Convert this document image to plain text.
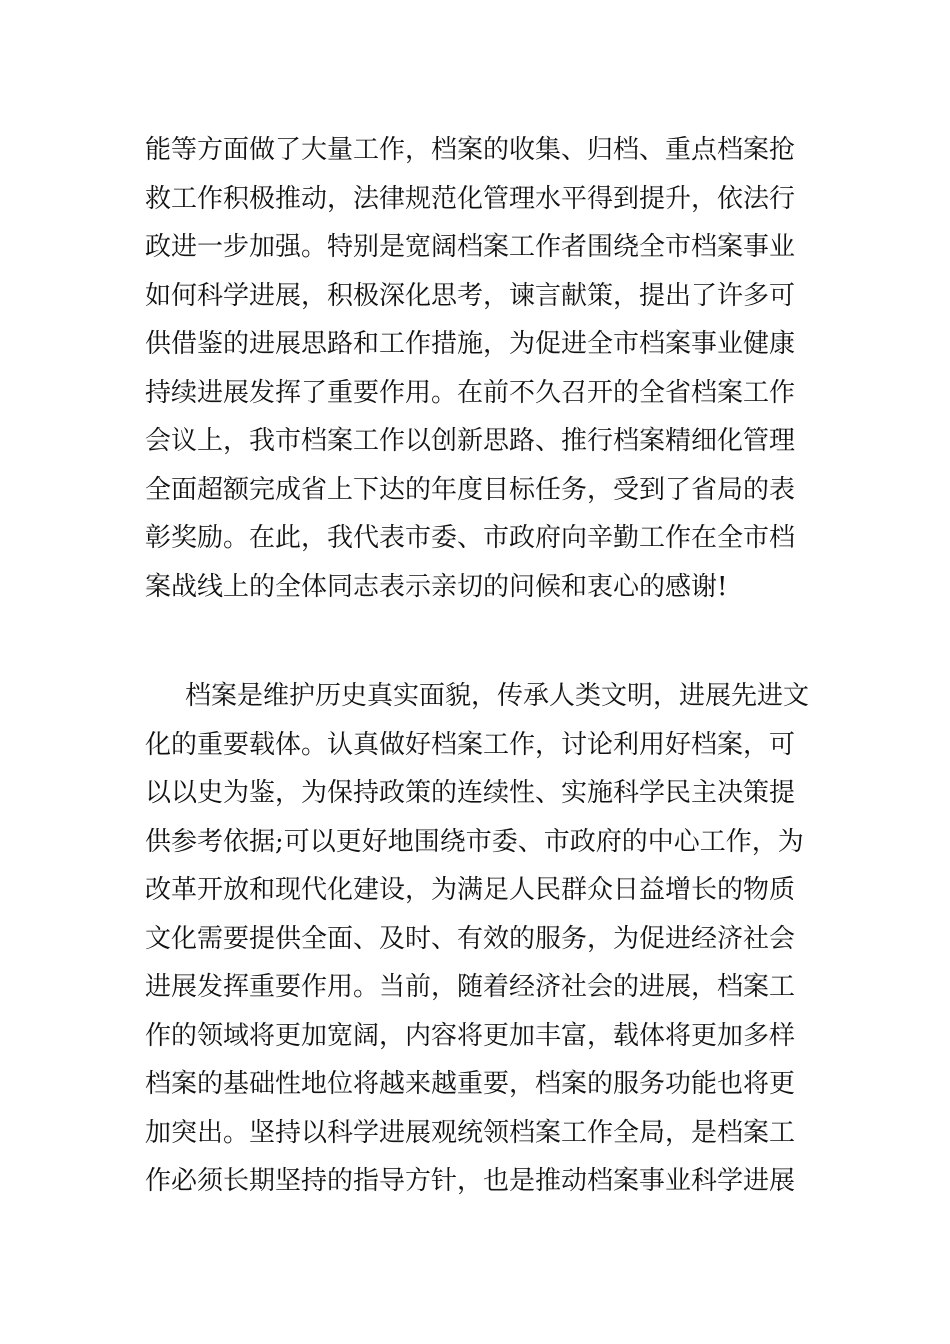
能等方面做了大量工作，档案的收集、归档、重点档案抢
救工作积极推动，法律规范化管理水平得到提升，依法行
政进一步加强。特别是宽阔档案工作者围绕全市档案事业
如何科学进展，积极深化思考，谏言献策，提出了许多可
供借鉴的进展思路和工作措施，为促进全市档案事业健康
持续进展发挥了重要作用。在前不久召开的全省档案工作
会议上，我市档案工作以创新思路、推行档案精细化管理
全面超额完成省上下达的年度目标任务，受到了省局的表
彰奖励。在此，我代表市委、市政府向辛勤工作在全市档
案战线上的全体同志表示亲切的问候和衷心的感谢!
档案是维护历史真实面貌，传承人类文明，进展先进文
化的重要载体。认真做好档案工作，讨论利用好档案，可
以以史为鉴，为保持政策的连续性、实施科学民主决策提
供参考依据;可以更好地围绕市委、市政府的中心工作，为
改革开放和现代化建设，为满足人民群众日益增长的物质
文化需要提供全面、及时、有效的服务，为促进经济社会
进展发挥重要作用。当前，随着经济社会的进展，档案工
作的领域将更加宽阔，内容将更加丰富，载体将更加多样
档案的基础性地位将越来越重要，档案的服务功能也将更
加突出。坚持以科学进展观统领档案工作全局，是档案工
作必须长期坚持的指导方针，也是推动档案事业科学进展
